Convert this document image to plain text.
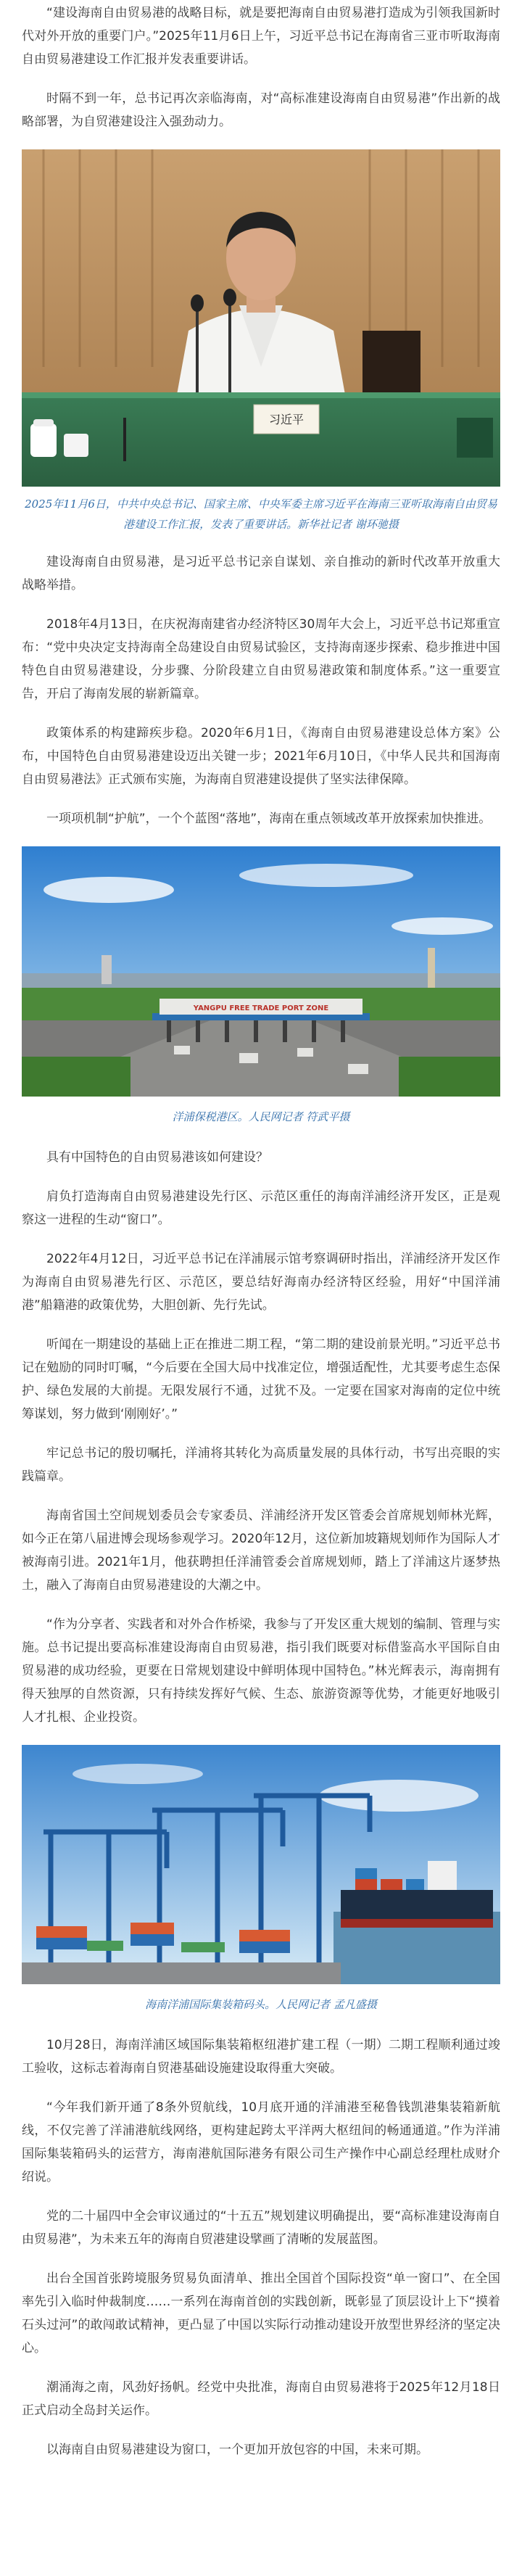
“建设海南自由贸易港的战略目标，就是要把海南自由贸易港打造成为引领我国新时代对外开放的重要门户。”2025年11月6日上午，习近平总书记在海南省三亚市听取海南自由贸易港建设工作汇报并发表重要讲话。

时隔不到一年，总书记再次亲临海南，对“高标准建设海南自由贸易港”作出新的战略部署，为自贸港建设注入强劲动力。

习近平

2025年11月6日，中共中央总书记、国家主席、中央军委主席习近平在海南三亚听取海南自由贸易港建设工作汇报，发表了重要讲话。新华社记者 谢环驰摄

建设海南自由贸易港，是习近平总书记亲自谋划、亲自推动的新时代改革开放重大战略举措。

2018年4月13日，在庆祝海南建省办经济特区30周年大会上，习近平总书记郑重宣布：“党中央决定支持海南全岛建设自由贸易试验区，支持海南逐步探索、稳步推进中国特色自由贸易港建设，分步骤、分阶段建立自由贸易港政策和制度体系。”这一重要宣告，开启了海南发展的崭新篇章。

政策体系的构建蹄疾步稳。2020年6月1日，《海南自由贸易港建设总体方案》公布，中国特色自由贸易港建设迈出关键一步；2021年6月10日，《中华人民共和国海南自由贸易港法》正式颁布实施，为海南自贸港建设提供了坚实法律保障。

一项项机制“护航”，一个个蓝图“落地”，海南在重点领域改革开放探索加快推进。

YANGPU FREE TRADE PORT ZONE

洋浦保税港区。人民网记者 符武平摄

具有中国特色的自由贸易港该如何建设？

肩负打造海南自由贸易港建设先行区、示范区重任的海南洋浦经济开发区，正是观察这一进程的生动“窗口”。

2022年4月12日，习近平总书记在洋浦展示馆考察调研时指出，洋浦经济开发区作为海南自由贸易港先行区、示范区，要总结好海南办经济特区经验，用好“中国洋浦港”船籍港的政策优势，大胆创新、先行先试。

听闻在一期建设的基础上正在推进二期工程，“第二期的建设前景光明。”习近平总书记在勉励的同时叮嘱，“今后要在全国大局中找准定位，增强适配性，尤其要考虑生态保护、绿色发展的大前提。无限发展行不通，过犹不及。一定要在国家对海南的定位中统筹谋划，努力做到‘刚刚好’。”

牢记总书记的殷切嘱托，洋浦将其转化为高质量发展的具体行动，书写出亮眼的实践篇章。

海南省国土空间规划委员会专家委员、洋浦经济开发区管委会首席规划师林光辉，如今正在第八届进博会现场参观学习。2020年12月，这位新加坡籍规划师作为国际人才被海南引进。2021年1月，他获聘担任洋浦管委会首席规划师，踏上了洋浦这片逐梦热土，融入了海南自由贸易港建设的大潮之中。

“作为分享者、实践者和对外合作桥梁，我参与了开发区重大规划的编制、管理与实施。总书记提出要高标准建设海南自由贸易港，指引我们既要对标借鉴高水平国际自由贸易港的成功经验，更要在日常规划建设中鲜明体现中国特色。”林光辉表示，海南拥有得天独厚的自然资源，只有持续发挥好气候、生态、旅游资源等优势，才能更好地吸引人才扎根、企业投资。

海南洋浦国际集装箱码头。人民网记者 孟凡盛摄

10月28日，海南洋浦区域国际集装箱枢纽港扩建工程（一期）二期工程顺利通过竣工验收，这标志着海南自贸港基础设施建设取得重大突破。

“今年我们新开通了8条外贸航线，10月底开通的洋浦港至秘鲁钱凯港集装箱新航线，不仅完善了洋浦港航线网络，更构建起跨太平洋两大枢纽间的畅通通道。”作为洋浦国际集装箱码头的运营方，海南港航国际港务有限公司生产操作中心副总经理杜成财介绍说。

党的二十届四中全会审议通过的“十五五”规划建议明确提出，要“高标准建设海南自由贸易港”，为未来五年的海南自贸港建设擘画了清晰的发展蓝图。

出台全国首张跨境服务贸易负面清单、推出全国首个国际投资“单一窗口”、在全国率先引入临时仲裁制度……一系列在海南首创的实践创新，既彰显了顶层设计上下“摸着石头过河”的敢闯敢试精神，更凸显了中国以实际行动推动建设开放型世界经济的坚定决心。

潮涌海之南，风劲好扬帆。经党中央批准，海南自由贸易港将于2025年12月18日正式启动全岛封关运作。

以海南自由贸易港建设为窗口，一个更加开放包容的中国，未来可期。
